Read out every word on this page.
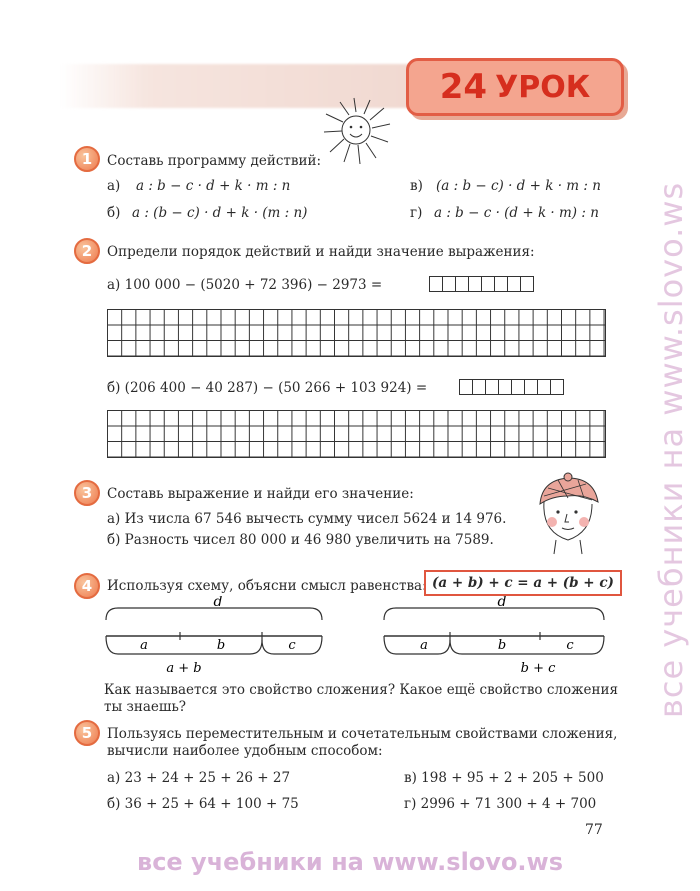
24 УРОК
1	Составь программу действий:
а) a : b − c · d + k · m : n	в) (a : b − c) · d + k · m : n
б) a : (b − c) · d + k · (m : n)	г) a : b − c · (d + k · m) : n
2	Определи порядок действий и найди значение выражения:
а) 100 000 − (5020 + 72 396) − 2973 =
б) (206 400 − 40 287) − (50 266 + 103 924) =
3	Составь выражение и найди его значение:
а) Из числа 67 546 вычесть сумму чисел 5624 и 14 976.
б) Разность чисел 80 000 и 46 980 увеличить на 7589.
4	Используя схему, объясни смысл равенства: (a + b) + c = a + (b + c)
d
a	b	c
a + b
d
a	b	c
b + c
Как называется это свойство сложения? Какое ещё свойство сложения
ты знаешь?
5	Пользуясь переместительным и сочетательным свойствами сложения,
вычисли наиболее удобным способом:
а) 23 + 24 + 25 + 26 + 27	в) 198 + 95 + 2 + 205 + 500
б) 36 + 25 + 64 + 100 + 75	г) 2996 + 71 300 + 4 + 700
77
все учебники на www.slovo.ws
все учебники на www.slovo.ws
